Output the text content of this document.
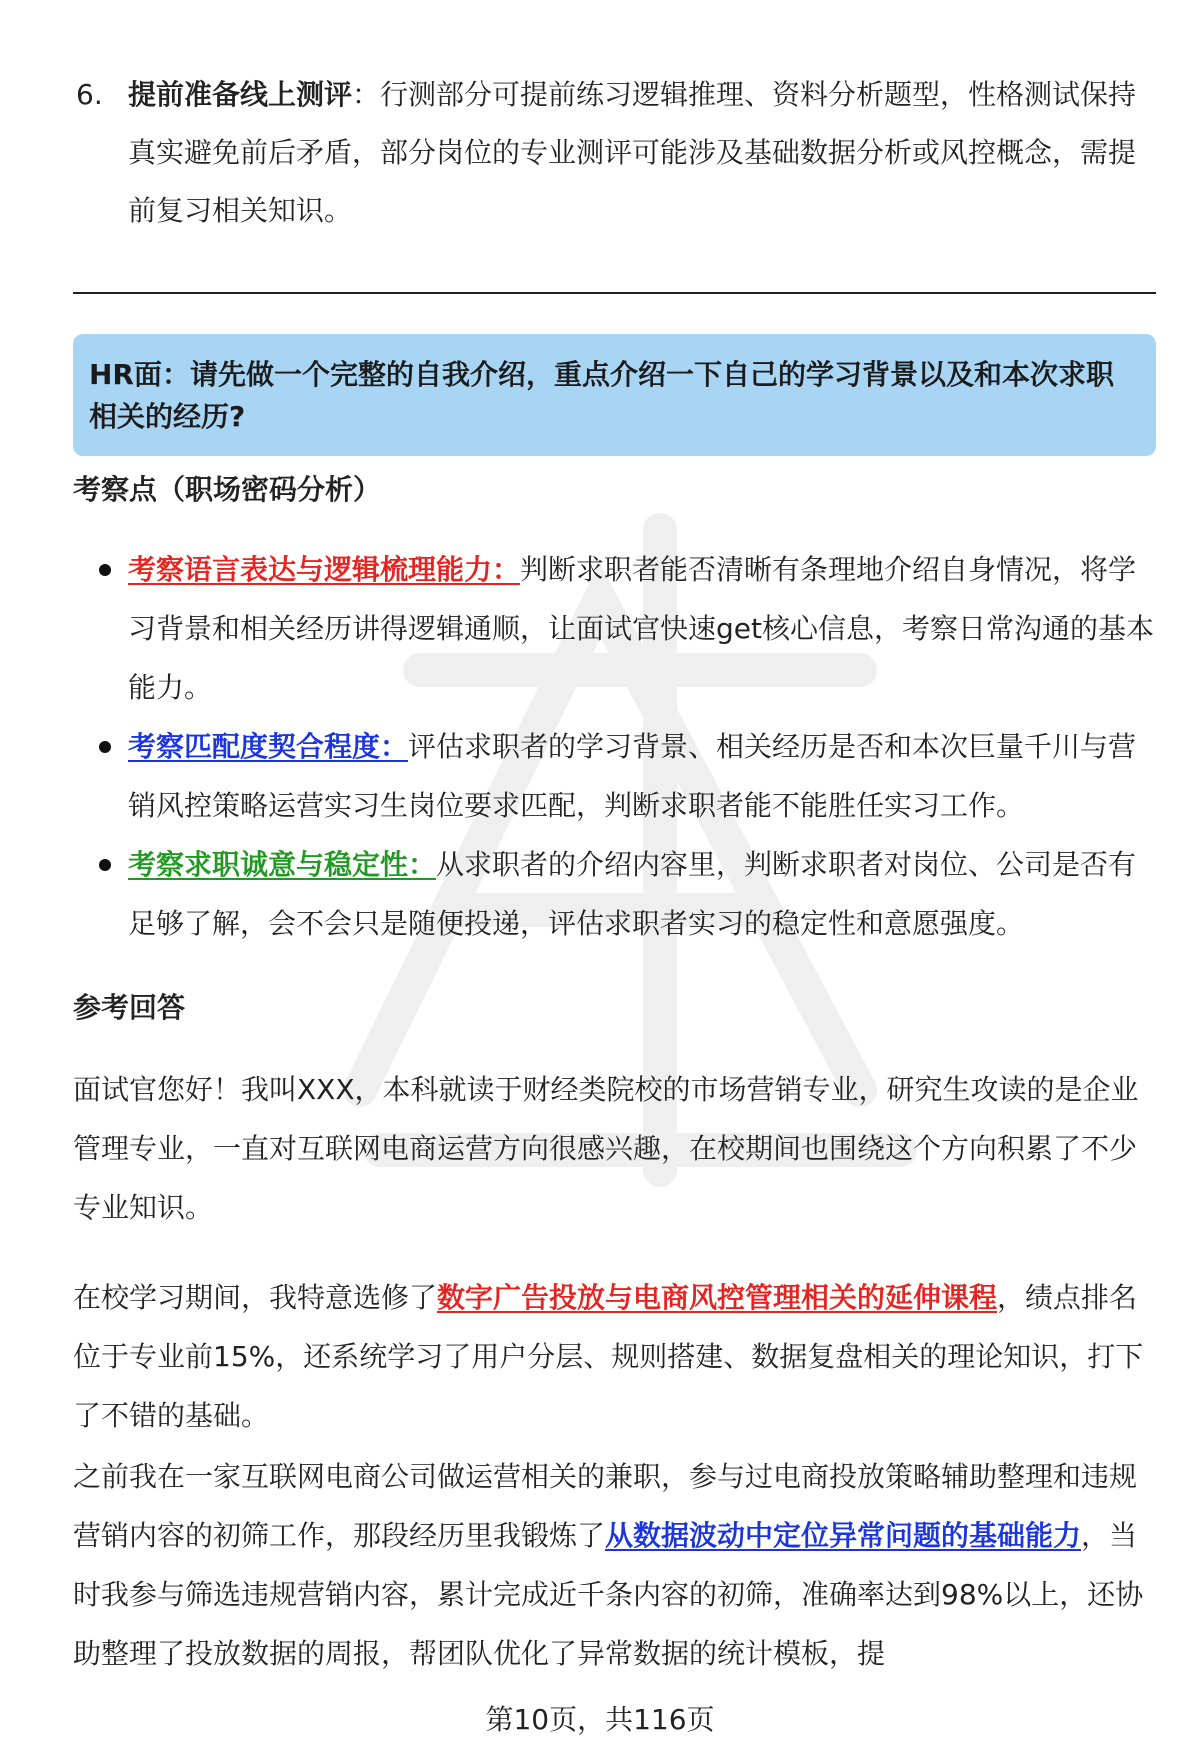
6. 提前准备线上测评：行测部分可提前练习逻辑推理、资料分析题型，性格测试保持真实避免前后矛盾，部分岗位的专业测评可能涉及基础数据分析或风控概念，需提前复习相关知识。
HR面：请先做一个完整的自我介绍，重点介绍一下自己的学习背景以及和本次求职相关的经历?
考察点（职场密码分析）
考察语言表达与逻辑梳理能力：判断求职者能否清晰有条理地介绍自身情况，将学习背景和相关经历讲得逻辑通顺，让面试官快速get核心信息，考察日常沟通的基本能力。
考察匹配度契合程度：评估求职者的学习背景、相关经历是否和本次巨量千川与营销风控策略运营实习生岗位要求匹配，判断求职者能不能胜任实习工作。
考察求职诚意与稳定性：从求职者的介绍内容里，判断求职者对岗位、公司是否有足够了解，会不会只是随便投递，评估求职者实习的稳定性和意愿强度。
参考回答

面试官您好！我叫XXX，本科就读于财经类院校的市场营销专业，研究生攻读的是企业管理专业，一直对互联网电商运营方向很感兴趣，在校期间也围绕这个方向积累了不少专业知识。

在校学习期间，我特意选修了数字广告投放与电商风控管理相关的延伸课程，绩点排名位于专业前15%，还系统学习了用户分层、规则搭建、数据复盘相关的理论知识，打下了不错的基础。

之前我在一家互联网电商公司做运营相关的兼职，参与过电商投放策略辅助整理和违规营销内容的初筛工作，那段经历里我锻炼了从数据波动中定位异常问题的基础能力，当时我参与筛选违规营销内容，累计完成近千条内容的初筛，准确率达到98%以上，还协助整理了投放数据的周报，帮团队优化了异常数据的统计模板，提

第10页，共116页
